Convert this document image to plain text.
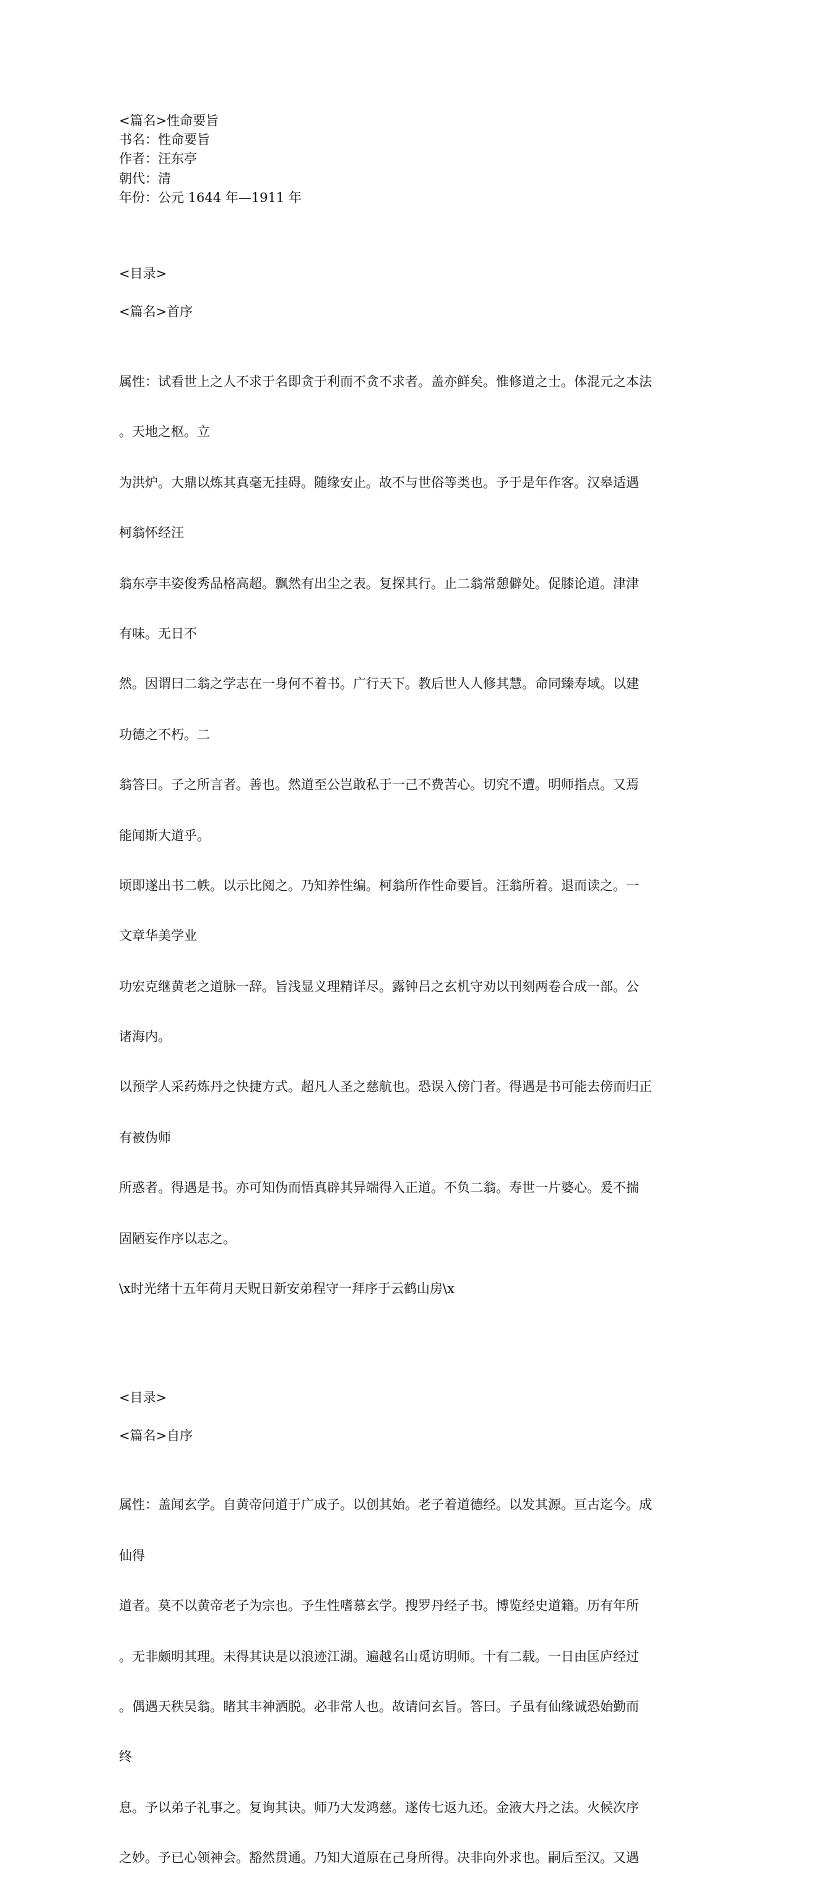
<篇名>性命要旨
书名：性命要旨
作者：汪东亭
朝代：清
年份：公元 1644 年—1911 年
<目录>
<篇名>首序

属性：试看世上之人不求于名即贪于利而不贪不求者。盖亦鲜矣。惟修道之士。体混元之本法

。天地之枢。立

为洪炉。大鼎以炼其真毫无挂碍。随缘安止。故不与世俗等类也。予于是年作客。汉皋适遇

柯翁怀经汪

翁东亭丰姿俊秀品格高超。飘然有出尘之表。复探其行。止二翁常憩僻处。促膝论道。津津

有味。无日不

然。因谓曰二翁之学志在一身何不着书。广行天下。教后世人人修其慧。命同臻寿域。以建

功德之不朽。二

翁答曰。子之所言者。善也。然道至公岂敢私于一己不费苦心。切究不遭。明师指点。又焉

能闻斯大道乎。

顷即遂出书二帙。以示比阅之。乃知养性编。柯翁所作性命要旨。汪翁所着。退而读之。一

文章华美学业

功宏克继黄老之道脉一辞。旨浅显义理精详尽。露钟吕之玄机守劝以刊刻两卷合成一部。公

诸海内。

以预学人采药炼丹之快捷方式。超凡人圣之慈航也。恐误入傍门者。得遇是书可能去傍而归正

有被伪师

所惑者。得遇是书。亦可知伪而悟真辟其异端得入正道。不负二翁。寿世一片婆心。爰不揣

固陋妄作序以志之。

\x时光绪十五年荷月天贶日新安弟程守一拜序于云鹤山房\x

<目录>
<篇名>自序

属性：盖闻玄学。自黄帝问道于广成子。以创其始。老子着道德经。以发其源。亘古迄今。成

仙得

道者。莫不以黄帝老子为宗也。予生性嗜慕玄学。搜罗丹经子书。博览经史道籍。历有年所

。无非颇明其理。未得其诀是以浪迹江湖。遍越名山觅访明师。十有二载。一日由匡庐经过

。偶遇天秩吴翁。睹其丰神洒脱。必非常人也。故请问玄旨。答曰。子虽有仙缘诚恐始勤而

终

息。予以弟子礼事之。复询其诀。师乃大发鸿慈。遂传七返九还。金液大丹之法。火候次序

之妙。予已心领神会。豁然贯通。乃知大道原在己身所得。决非向外求也。嗣后至汉。又遇
